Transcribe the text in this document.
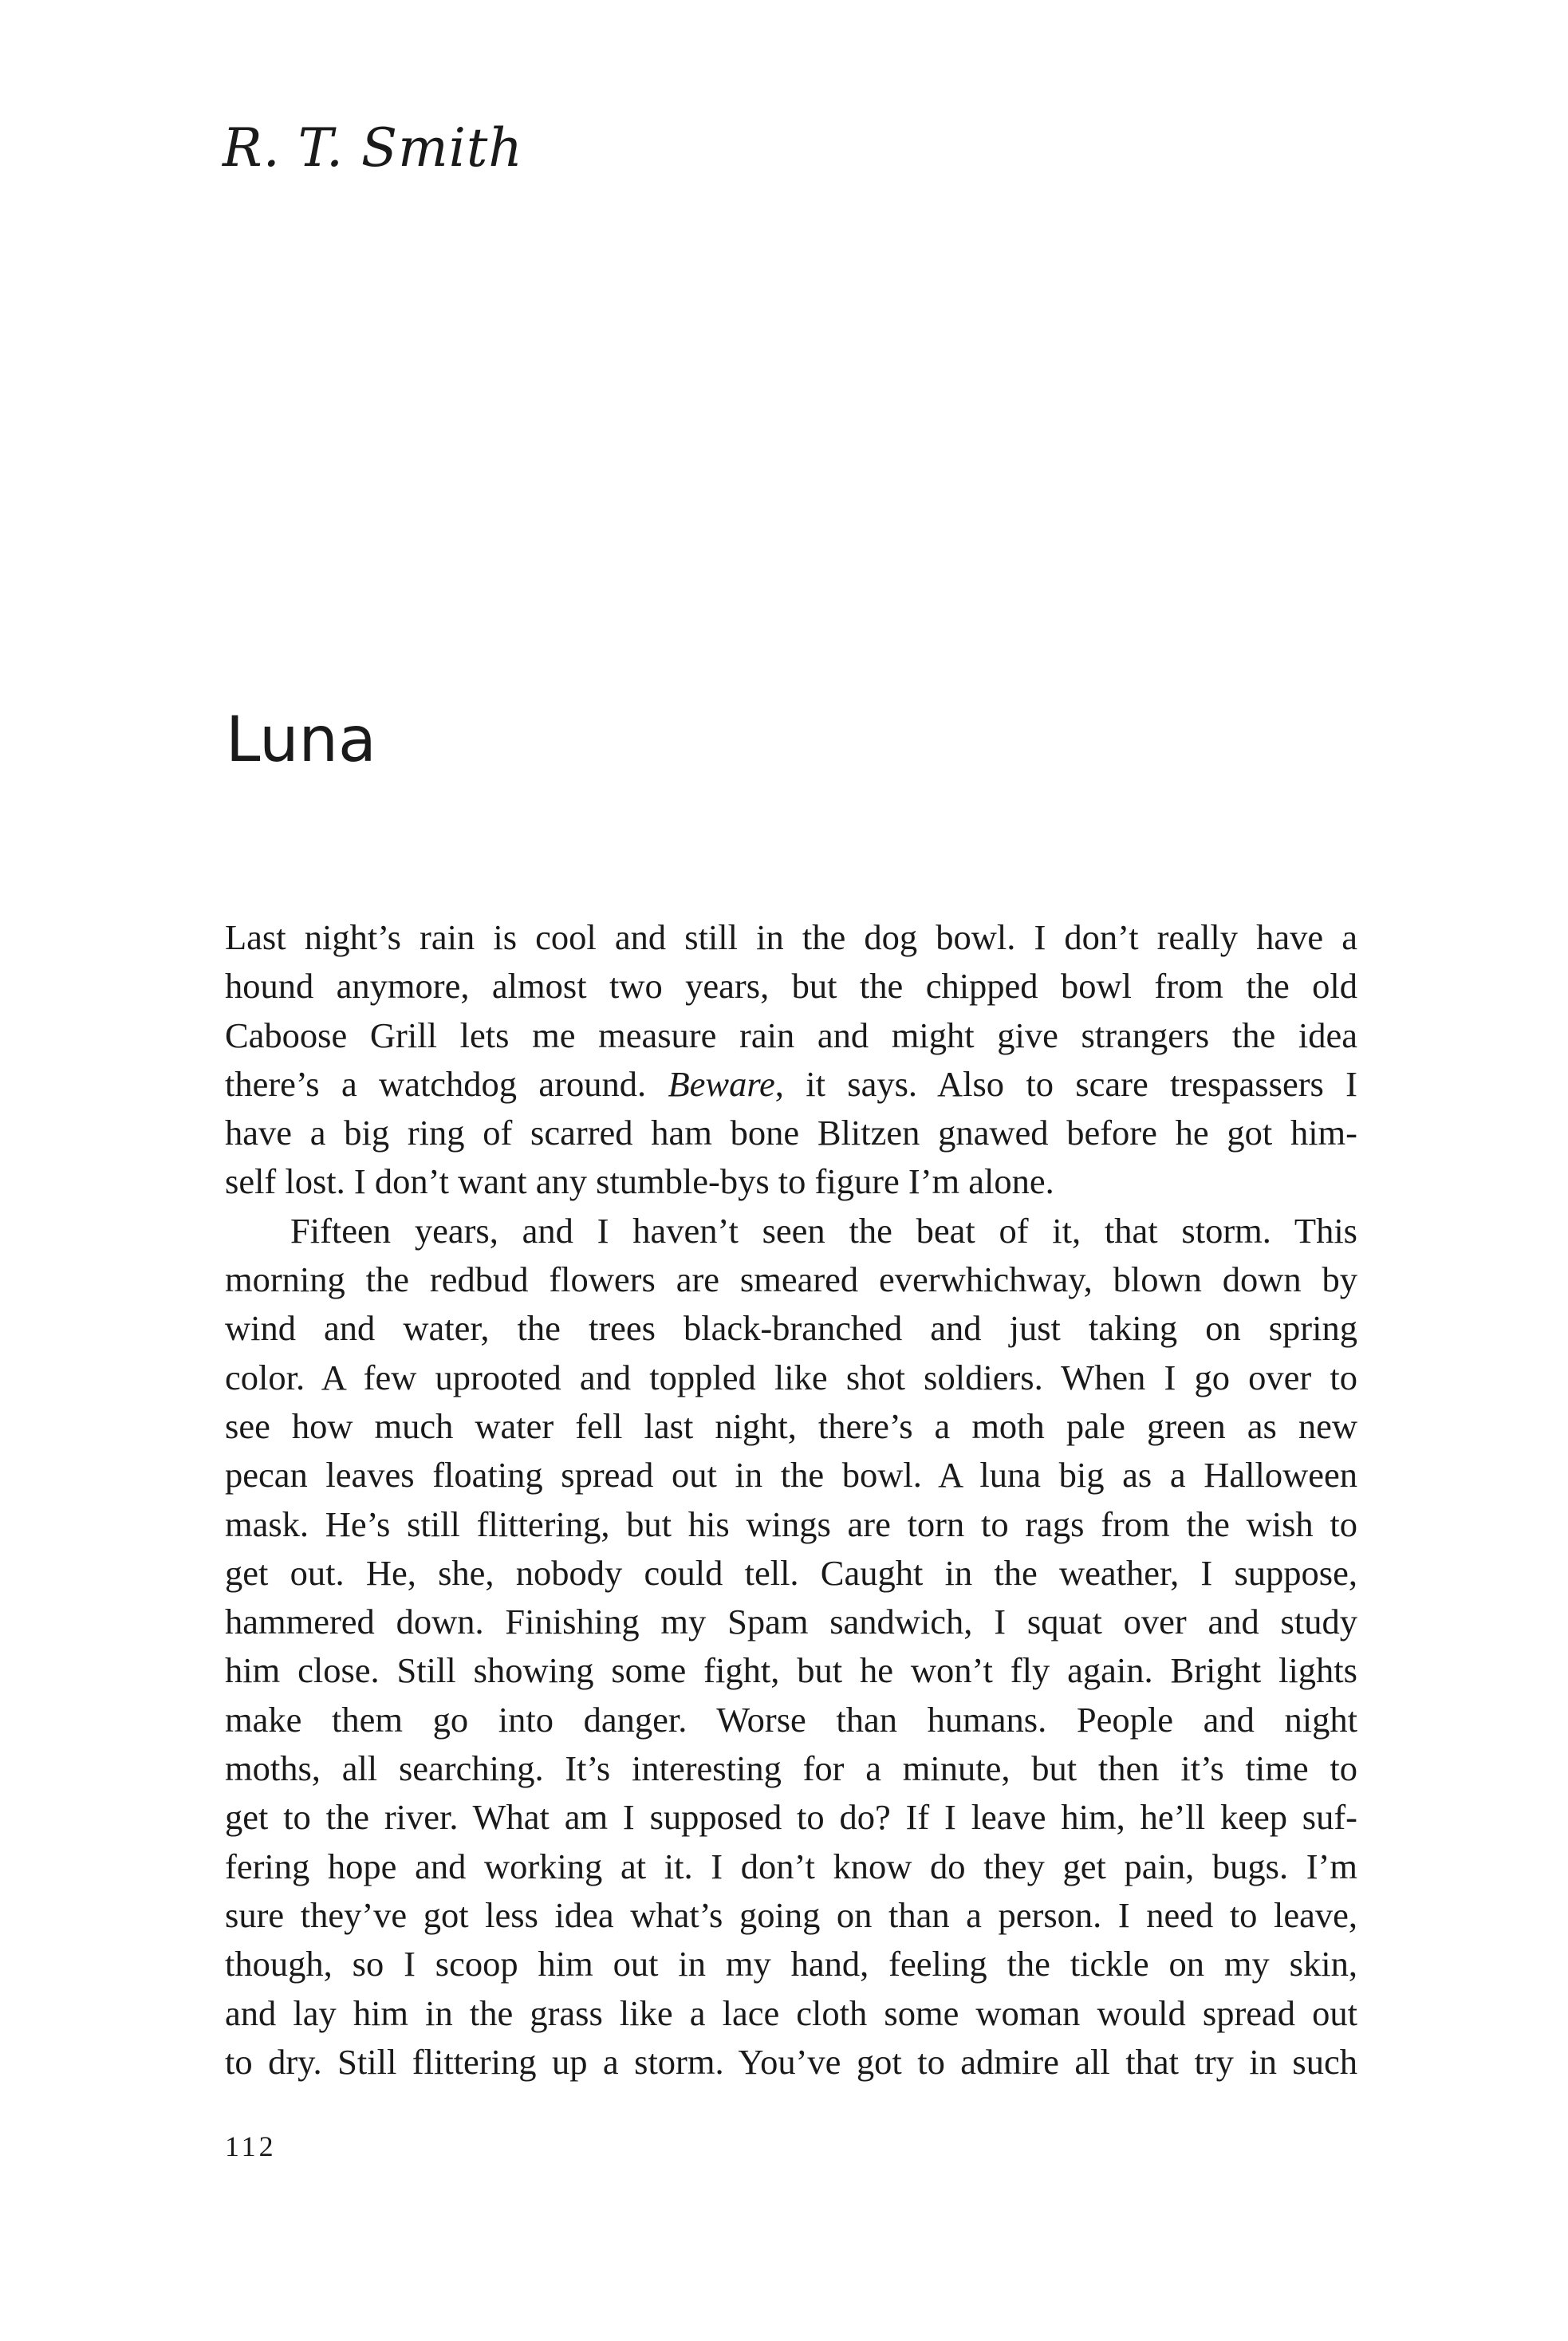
R. T. Smith
Luna
Last night’s rain is cool and still in the dog bowl. I don’t really have a
hound anymore, almost two years, but the chipped bowl from the old
Caboose Grill lets me measure rain and might give strangers the idea
there’s a watchdog around. Beware, it says. Also to scare trespassers I
have a big ring of scarred ham bone Blitzen gnawed before he got him-
self lost. I don’t want any stumble-bys to figure I’m alone.
Fifteen years, and I haven’t seen the beat of it, that storm. This
morning the redbud flowers are smeared everwhichway, blown down by
wind and water, the trees black-branched and just taking on spring
color. A few uprooted and toppled like shot soldiers. When I go over to
see how much water fell last night, there’s a moth pale green as new
pecan leaves floating spread out in the bowl. A luna big as a Halloween
mask. He’s still flittering, but his wings are torn to rags from the wish to
get out. He, she, nobody could tell. Caught in the weather, I suppose,
hammered down. Finishing my Spam sandwich, I squat over and study
him close. Still showing some fight, but he won’t fly again. Bright lights
make them go into danger. Worse than humans. People and night
moths, all searching. It’s interesting for a minute, but then it’s time to
get to the river. What am I supposed to do? If I leave him, he’ll keep suf-
fering hope and working at it. I don’t know do they get pain, bugs. I’m
sure they’ve got less idea what’s going on than a person. I need to leave,
though, so I scoop him out in my hand, feeling the tickle on my skin,
and lay him in the grass like a lace cloth some woman would spread out
to dry. Still flittering up a storm. You’ve got to admire all that try in such
112
